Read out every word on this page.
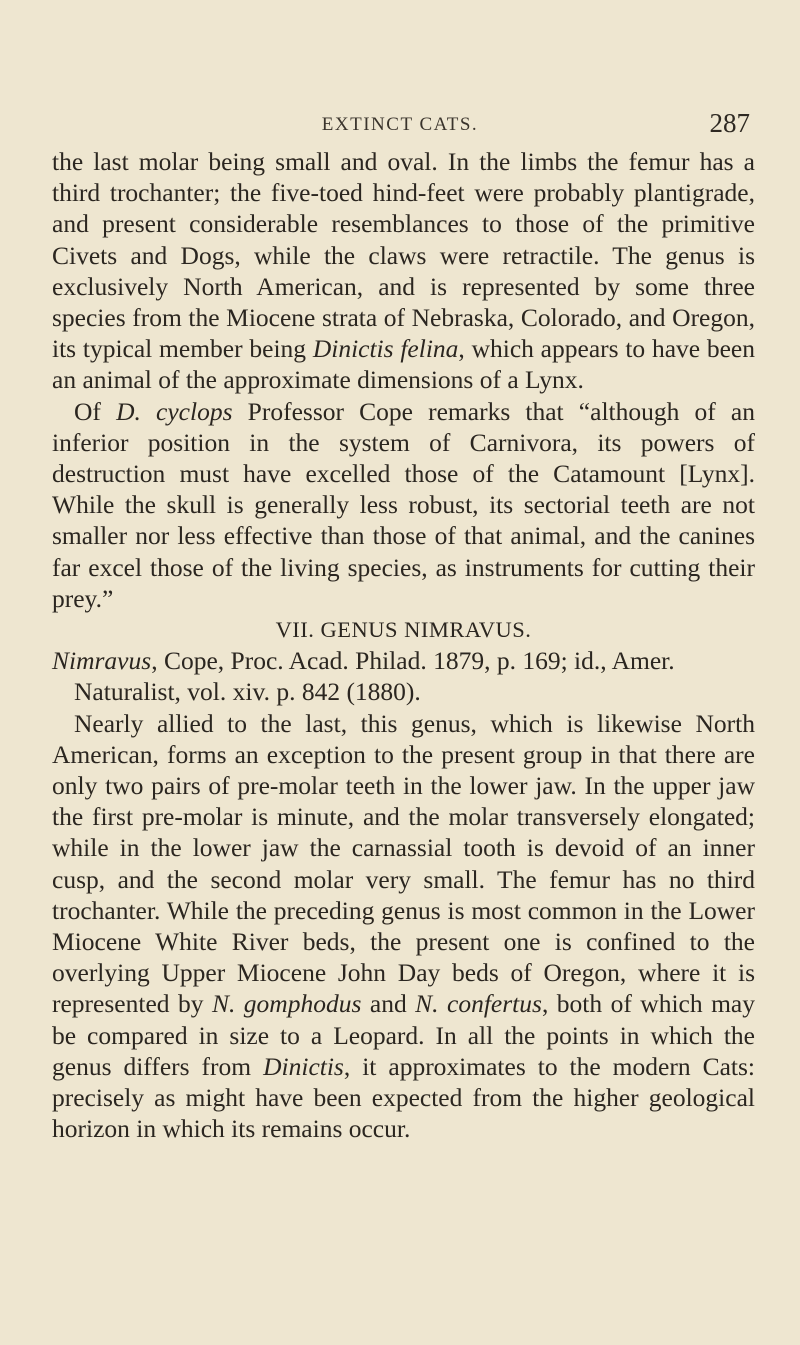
EXTINCT CATS.	287

the last molar being small and oval. In the limbs the femur has a third trochanter; the five-toed hind-feet were probably plantigrade, and present considerable resemblances to those of the primitive Civets and Dogs, while the claws were retractile. The genus is exclusively North American, and is represented by some three species from the Miocene strata of Nebraska, Colorado, and Oregon, its typical member being Dinictis felina, which appears to have been an animal of the approximate dimensions of a Lynx.

Of D. cyclops Professor Cope remarks that “although of an inferior position in the system of Carnivora, its powers of destruction must have excelled those of the Catamount [Lynx]. While the skull is generally less robust, its sectorial teeth are not smaller nor less effective than those of that animal, and the canines far excel those of the living species, as instruments for cutting their prey.”

VII. GENUS NIMRAVUS.

Nimravus, Cope, Proc. Acad. Philad. 1879, p. 169; id., Amer.
Naturalist, vol. xiv. p. 842 (1880).

Nearly allied to the last, this genus, which is likewise North American, forms an exception to the present group in that there are only two pairs of pre-molar teeth in the lower jaw. In the upper jaw the first pre-molar is minute, and the molar transversely elongated; while in the lower jaw the carnassial tooth is devoid of an inner cusp, and the second molar very small. The femur has no third trochanter. While the preceding genus is most common in the Lower Miocene White River beds, the present one is confined to the overlying Upper Miocene John Day beds of Oregon, where it is represented by N. gomphodus and N. confertus, both of which may be compared in size to a Leopard. In all the points in which the genus differs from Dinictis, it approximates to the modern Cats: precisely as might have been expected from the higher geological horizon in which its remains occur.
